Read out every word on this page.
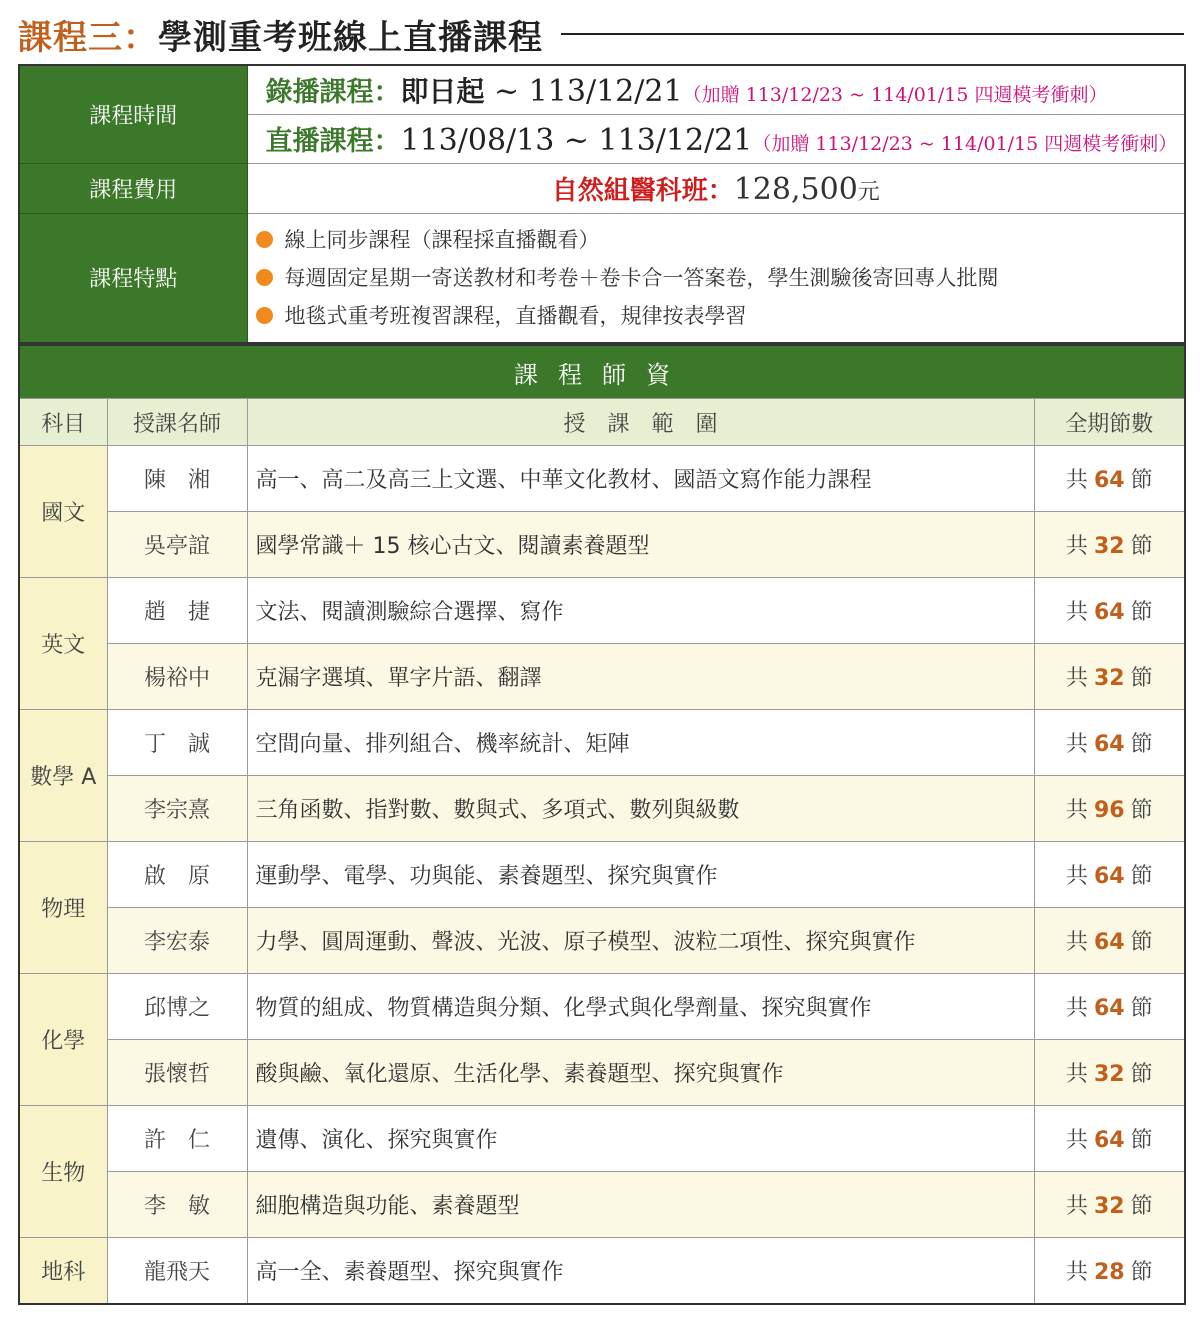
課程三： 學測重考班線上直播課程
課程時間	錄播課程：即日起 ~ 113/12/21（加贈 113/12/23 ~ 114/01/15 四週模考衝刺）
	直播課程：113/08/13 ~ 113/12/21（加贈 113/12/23 ~ 114/01/15 四週模考衝刺）
課程費用	自然組醫科班：128,500元
課程特點	線上同步課程（課程採直播觀看）
每週固定星期一寄送教材和考卷＋卷卡合一答案卷，學生測驗後寄回專人批閱
地毯式重考班複習課程，直播觀看，規律按表學習
課程師資			
科目	授課名師	授　課　範　圍	全期節數
國文	陳　湘	高一、高二及高三上文選、中華文化教材、國語文寫作能力課程	共 64 節
	吳亭誼	國學常識＋ 15 核心古文、閱讀素養題型	共 32 節
英文	趙　捷	文法、閱讀測驗綜合選擇、寫作	共 64 節
	楊裕中	克漏字選填、單字片語、翻譯	共 32 節
數學 A	丁　誠	空間向量、排列組合、機率統計、矩陣	共 64 節
	李宗熹	三角函數、指對數、數與式、多項式、數列與級數	共 96 節
物理	啟　原	運動學、電學、功與能、素養題型、探究與實作	共 64 節
	李宏泰	力學、圓周運動、聲波、光波、原子模型、波粒二項性、探究與實作	共 64 節
化學	邱博之	物質的組成、物質構造與分類、化學式與化學劑量、探究與實作	共 64 節
	張懷哲	酸與鹼、氧化還原、生活化學、素養題型、探究與實作	共 32 節
生物	許　仁	遺傳、演化、探究與實作	共 64 節
	李　敏	細胞構造與功能、素養題型	共 32 節
地科	龍飛天	高一全、素養題型、探究與實作	共 28 節
